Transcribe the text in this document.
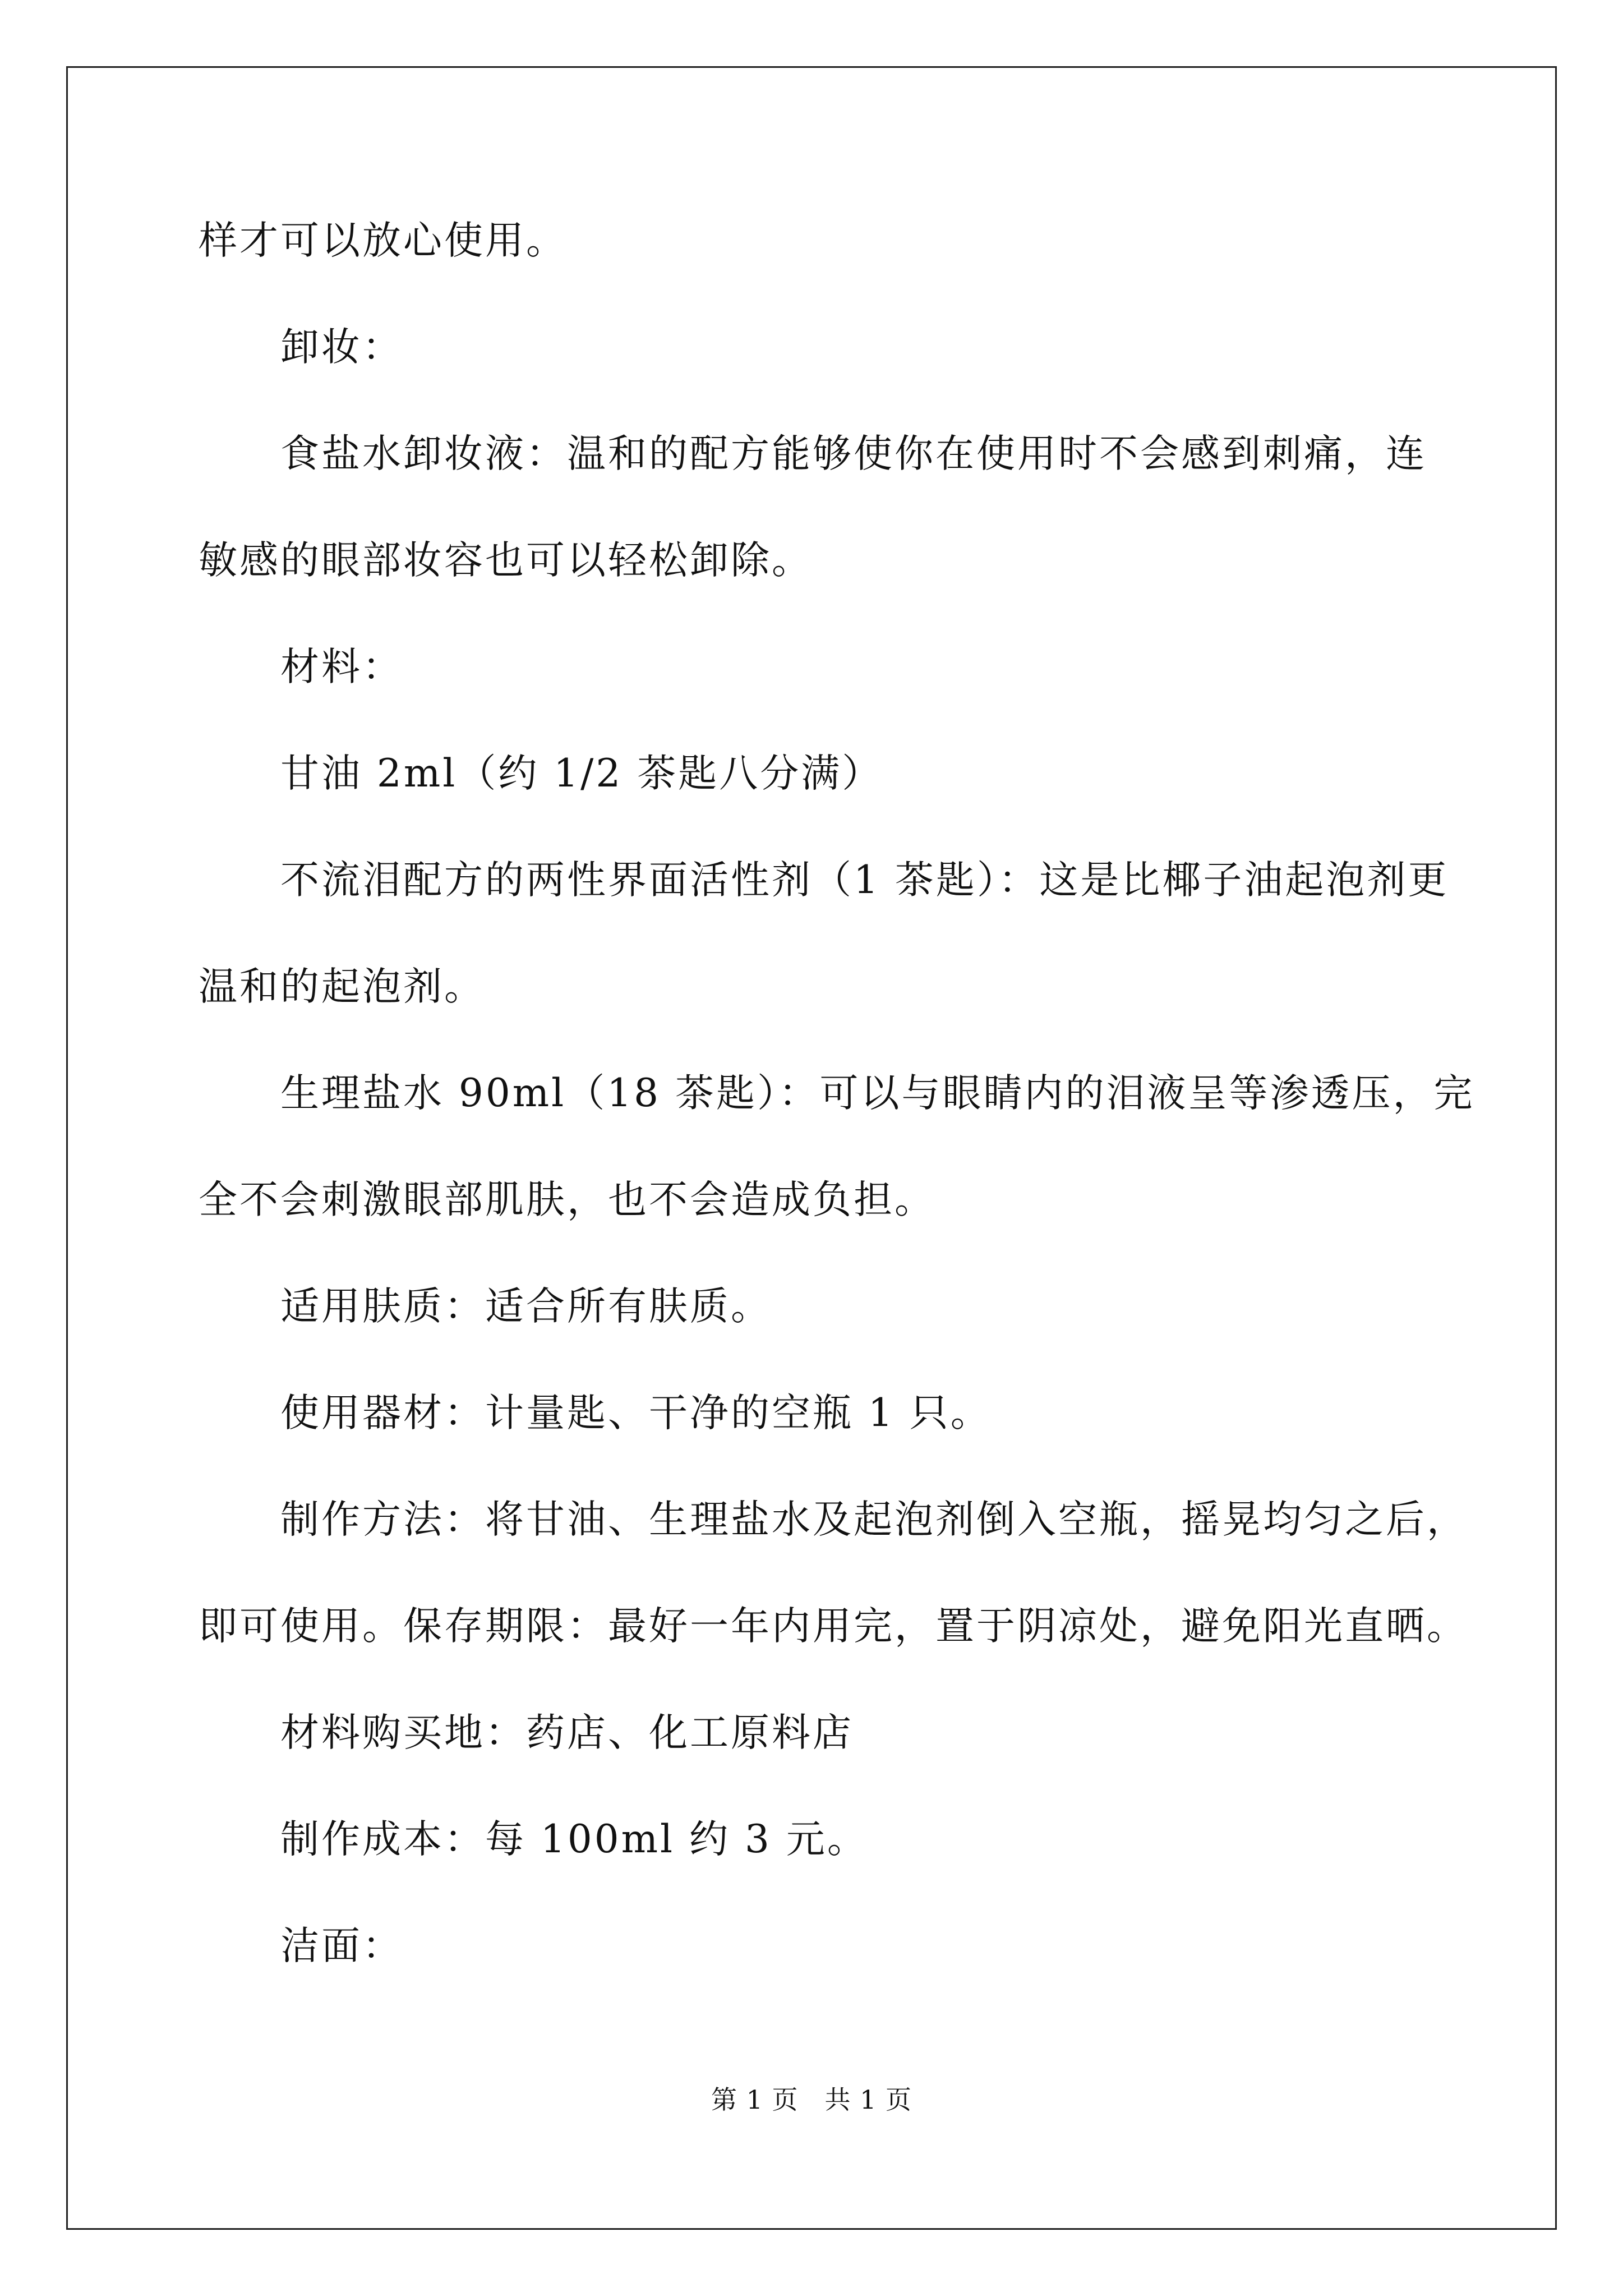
样才可以放心使用。
卸妆：
食盐水卸妆液：温和的配方能够使你在使用时不会感到刺痛，连
敏感的眼部妆容也可以轻松卸除。
材料：
甘油 2ml（约 1/2 茶匙八分满）
不流泪配方的两性界面活性剂（1 茶匙）：这是比椰子油起泡剂更
温和的起泡剂。
生理盐水 90ml（18 茶匙）：可以与眼睛内的泪液呈等渗透压，完
全不会刺激眼部肌肤，也不会造成负担。
适用肤质：适合所有肤质。
使用器材：计量匙、干净的空瓶 1 只。
制作方法：将甘油、生理盐水及起泡剂倒入空瓶，摇晃均匀之后，
即可使用。保存期限：最好一年内用完，置于阴凉处，避免阳光直晒。
材料购买地：药店、化工原料店
制作成本：每 100ml 约 3 元。
洁面：
第 1 页　共 1 页
